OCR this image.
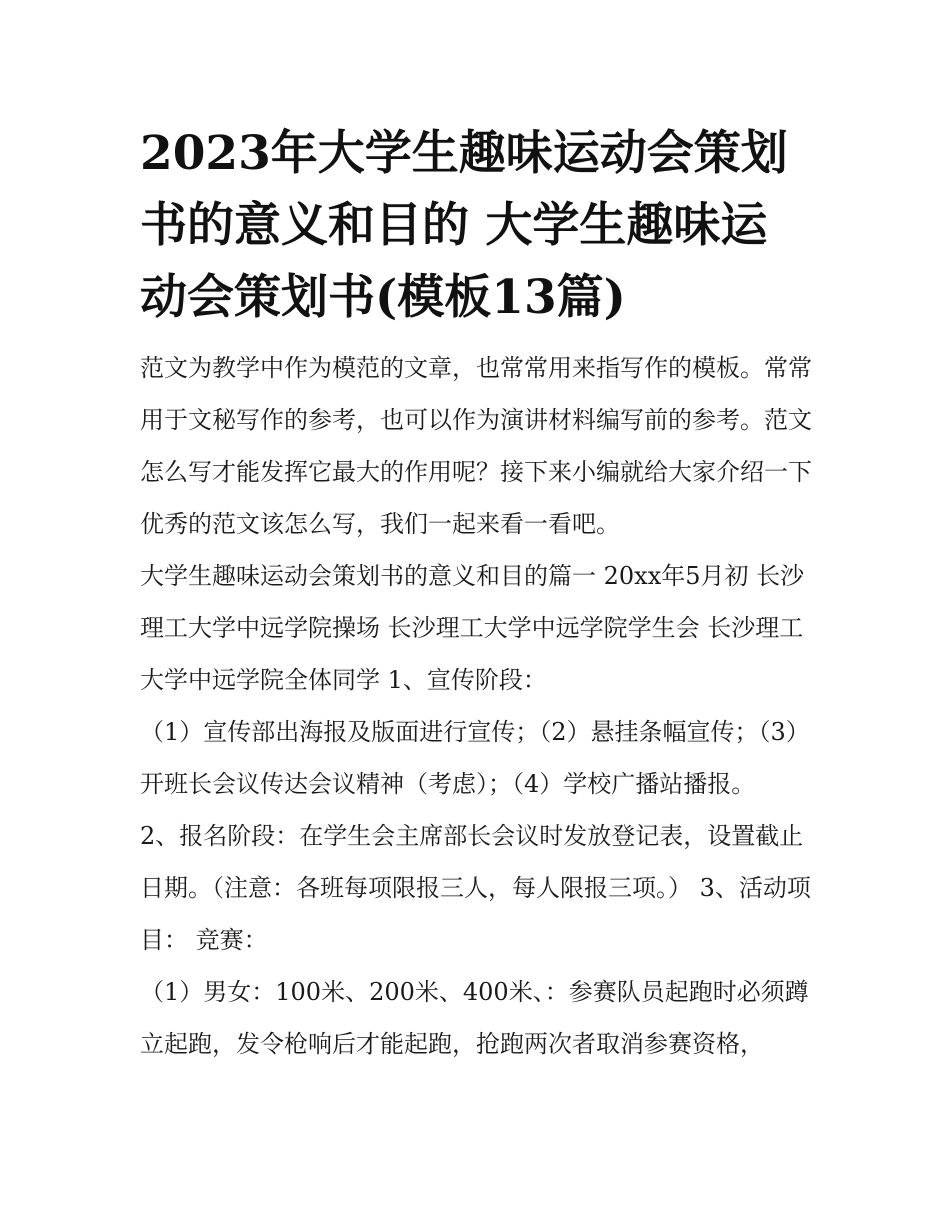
2023年大学生趣味运动会策划书的意义和目的 大学生趣味运动会策划书(模板13篇)

范文为教学中作为模范的文章，也常常用来指写作的模板。常常用于文秘写作的参考，也可以作为演讲材料编写前的参考。范文怎么写才能发挥它最大的作用呢？接下来小编就给大家介绍一下优秀的范文该怎么写，我们一起来看一看吧。

大学生趣味运动会策划书的意义和目的篇一 20xx年5月初 长沙理工大学中远学院操场 长沙理工大学中远学院学生会 长沙理工大学中远学院全体同学 1、宣传阶段：

（1）宣传部出海报及版面进行宣传；（2）悬挂条幅宣传；（3）开班长会议传达会议精神（考虑）；（4）学校广播站播报。

2、报名阶段：在学生会主席部长会议时发放登记表，设置截止日期。（注意：各班每项限报三人，每人限报三项。） 3、活动项目： 竞赛：

（1）男女：100米、200米、400米、：参赛队员起跑时必须蹲立起跑，发令枪响后才能起跑，抢跑两次者取消参赛资格，
